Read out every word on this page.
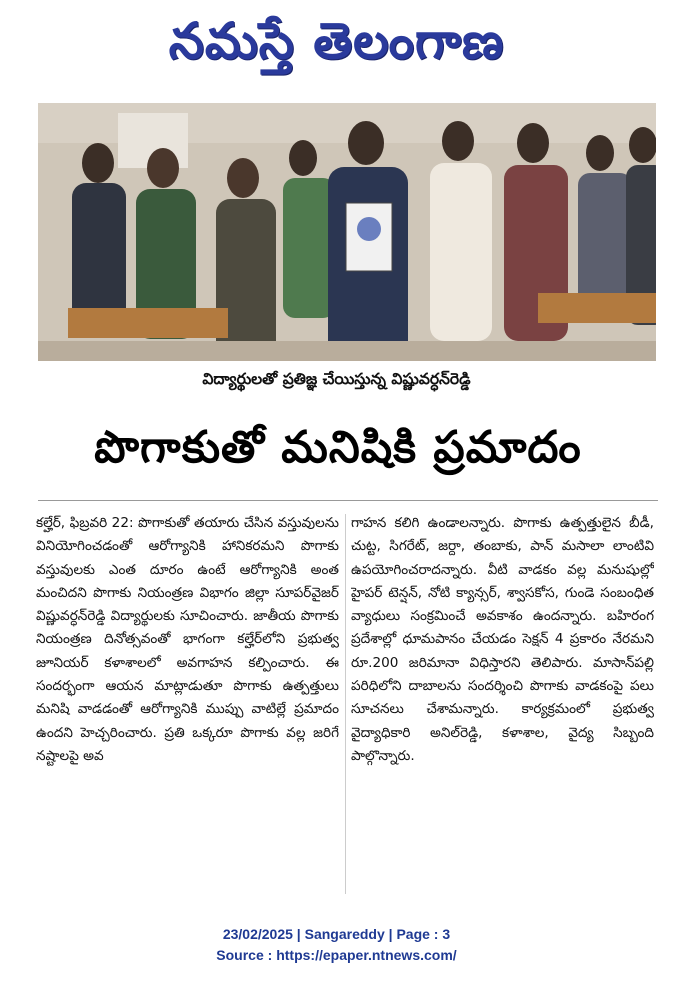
నమస్తే తెలంగాణ
విద్యార్థులతో ప్రతిజ్ఞ చేయిస్తున్న విష్ణువర్ధన్‌రెడ్డి
పొగాకుతో మనిషికి ప్రమాదం
కల్హేర్, ఫిబ్రవరి 22: పొగాకుతో తయారు చేసిన వస్తువులను వినియోగించడంతో ఆరోగ్యానికి హానికరమని పొగాకు వస్తువులకు ఎంత దూరం ఉంటే ఆరోగ్యానికి అంత మంచిదని పొగాకు నియంత్రణ విభాగం జిల్లా సూపర్‌వైజర్ విష్ణువర్ధన్‌రెడ్డి విద్యార్థులకు సూచించారు. జాతీయ పొగాకు నియంత్రణ దినోత్సవంతో భాగంగా కల్హేర్‌లోని ప్రభుత్వ జూనియర్ కళాశాలలో అవగాహన కల్పించారు. ఈ సందర్భంగా ఆయన మాట్లాడుతూ పొగాకు ఉత్పత్తులు మనిషి వాడడంతో ఆరోగ్యానికి ముప్పు వాటిల్లే ప్రమాదం ఉందని హెచ్చరించారు. ప్రతి ఒక్కరూ పొగాకు వల్ల జరిగే నష్టాలపై అవ
గాహన కలిగి ఉండాలన్నారు. పొగాకు ఉత్పత్తులైన బీడీ, చుట్ట, సిగరేట్, జర్దా, తంబాకు, పాన్ మసాలా లాంటివి ఉపయోగించరాదన్నారు. వీటి వాడకం వల్ల మనుషుల్లో హైపర్ టెన్షన్, నోటి క్యాన్సర్, శ్వాసకోస, గుండె సంబంధిత వ్యాధులు సంక్రమించే అవకాశం ఉందన్నారు. బహిరంగ ప్రదేశాల్లో ధూమపానం చేయడం సెక్షన్ 4 ప్రకారం నేరమని రూ.200 జరిమానా విధిస్తారని తెలిపారు. మాసాన్‌పల్లి పరిధిలోని దాబాలను సందర్శించి పొగాకు వాడకంపై పలు సూచనలు చేశామన్నారు. కార్యక్రమంలో ప్రభుత్వ వైద్యాధికారి అనిల్‌రెడ్డి, కళాశాల, వైద్య సిబ్బంది పాల్గొన్నారు.
23/02/2025 | Sangareddy | Page : 3
Source : https://epaper.ntnews.com/
